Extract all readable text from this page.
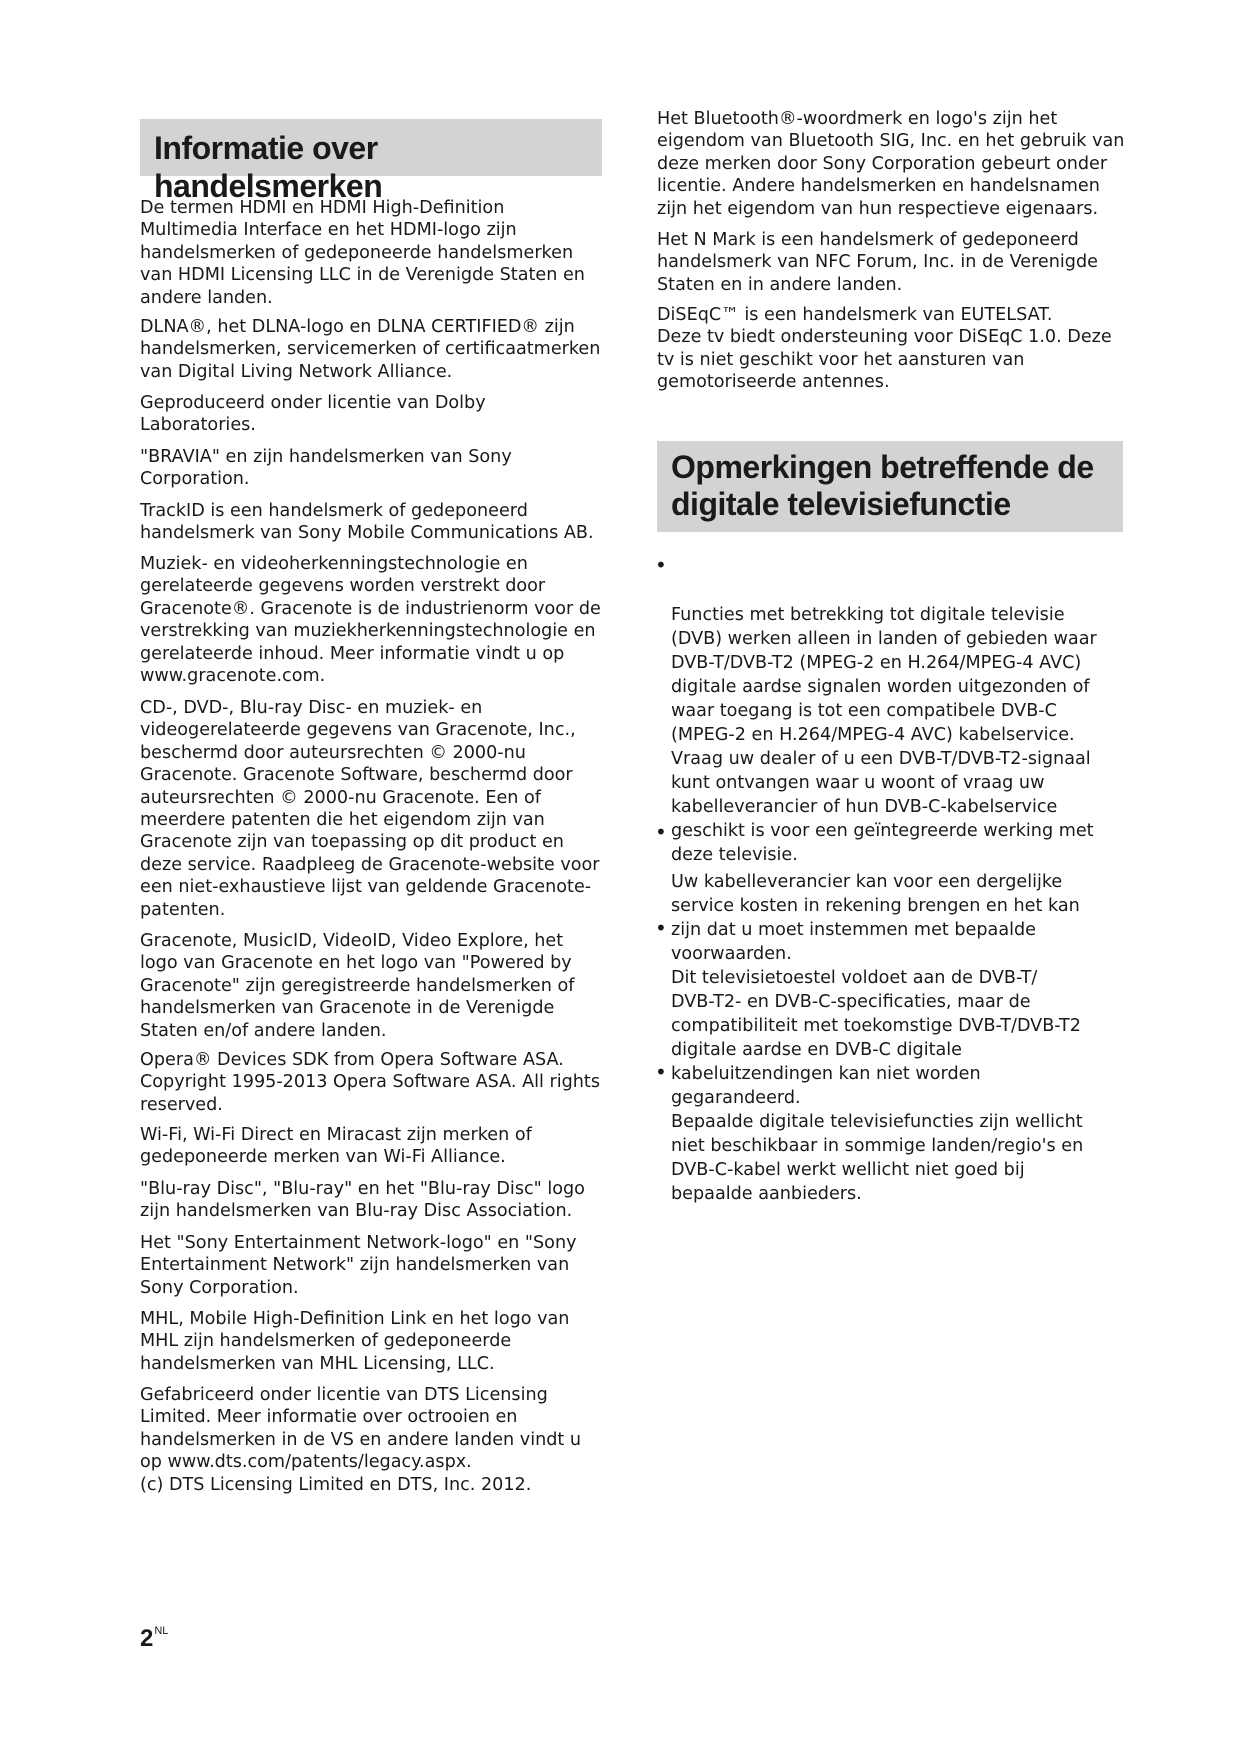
Informatie over handelsmerken

De termen HDMI en HDMI High-Definition
Multimedia Interface en het HDMI-logo zijn
handelsmerken of gedeponeerde handelsmerken
van HDMI Licensing LLC in de Verenigde Staten en
andere landen.

DLNA®, het DLNA-logo en DLNA CERTIFIED® zijn
handelsmerken, servicemerken of certificaatmerken
van Digital Living Network Alliance.

Geproduceerd onder licentie van Dolby
Laboratories.

"BRAVIA" en zijn handelsmerken van Sony
Corporation.

TrackID is een handelsmerk of gedeponeerd
handelsmerk van Sony Mobile Communications AB.

Muziek- en videoherkenningstechnologie en
gerelateerde gegevens worden verstrekt door
Gracenote®. Gracenote is de industrienorm voor de
verstrekking van muziekherkenningstechnologie en
gerelateerde inhoud. Meer informatie vindt u op
www.gracenote.com.

CD-, DVD-, Blu-ray Disc- en muziek- en
videogerelateerde gegevens van Gracenote, Inc.,
beschermd door auteursrechten © 2000-nu
Gracenote. Gracenote Software, beschermd door
auteursrechten © 2000-nu Gracenote. Een of
meerdere patenten die het eigendom zijn van
Gracenote zijn van toepassing op dit product en
deze service. Raadpleeg de Gracenote-website voor
een niet-exhaustieve lijst van geldende Gracenote-
patenten.

Gracenote, MusicID, VideoID, Video Explore, het
logo van Gracenote en het logo van "Powered by
Gracenote" zijn geregistreerde handelsmerken of
handelsmerken van Gracenote in de Verenigde
Staten en/of andere landen.

Opera® Devices SDK from Opera Software ASA.
Copyright 1995-2013 Opera Software ASA. All rights
reserved.

Wi-Fi, Wi-Fi Direct en Miracast zijn merken of
gedeponeerde merken van Wi-Fi Alliance.

"Blu-ray Disc", "Blu-ray" en het "Blu-ray Disc" logo
zijn handelsmerken van Blu-ray Disc Association.

Het "Sony Entertainment Network-logo" en "Sony
Entertainment Network" zijn handelsmerken van
Sony Corporation.

MHL, Mobile High-Definition Link en het logo van
MHL zijn handelsmerken of gedeponeerde
handelsmerken van MHL Licensing, LLC.

Gefabriceerd onder licentie van DTS Licensing
Limited. Meer informatie over octrooien en
handelsmerken in de VS en andere landen vindt u
op www.dts.com/patents/legacy.aspx.
(c) DTS Licensing Limited en DTS, Inc. 2012.

Het Bluetooth®-woordmerk en logo's zijn het
eigendom van Bluetooth SIG, Inc. en het gebruik van
deze merken door Sony Corporation gebeurt onder
licentie. Andere handelsmerken en handelsnamen
zijn het eigendom van hun respectieve eigenaars.

Het N Mark is een handelsmerk of gedeponeerd
handelsmerk van NFC Forum, Inc. in de Verenigde
Staten en in andere landen.

DiSEqC™ is een handelsmerk van EUTELSAT.
Deze tv biedt ondersteuning voor DiSEqC 1.0. Deze
tv is niet geschikt voor het aansturen van
gemotoriseerde antennes.

Opmerkingen betreffende de
digitale televisiefunctie

•

Functies met betrekking tot digitale televisie
(DVB) werken alleen in landen of gebieden waar
DVB-T/DVB-T2 (MPEG-2 en H.264/MPEG-4 AVC)
digitale aardse signalen worden uitgezonden of
waar toegang is tot een compatibele DVB-C
(MPEG-2 en H.264/MPEG-4 AVC) kabelservice.
Vraag uw dealer of u een DVB-T/DVB-T2-signaal
kunt ontvangen waar u woont of vraag uw
kabelleverancier of hun DVB-C-kabelservice
geschikt is voor een geïntegreerde werking met
deze televisie.

•

Uw kabelleverancier kan voor een dergelijke
service kosten in rekening brengen en het kan
zijn dat u moet instemmen met bepaalde
voorwaarden.

•

Dit televisietoestel voldoet aan de DVB-T/
DVB-T2- en DVB-C-specificaties, maar de
compatibiliteit met toekomstige DVB-T/DVB-T2
digitale aardse en DVB-C digitale
kabeluitzendingen kan niet worden
gegarandeerd.

•

Bepaalde digitale televisiefuncties zijn wellicht
niet beschikbaar in sommige landen/regio's en
DVB-C-kabel werkt wellicht niet goed bij
bepaalde aanbieders.

$2^{NL}$
